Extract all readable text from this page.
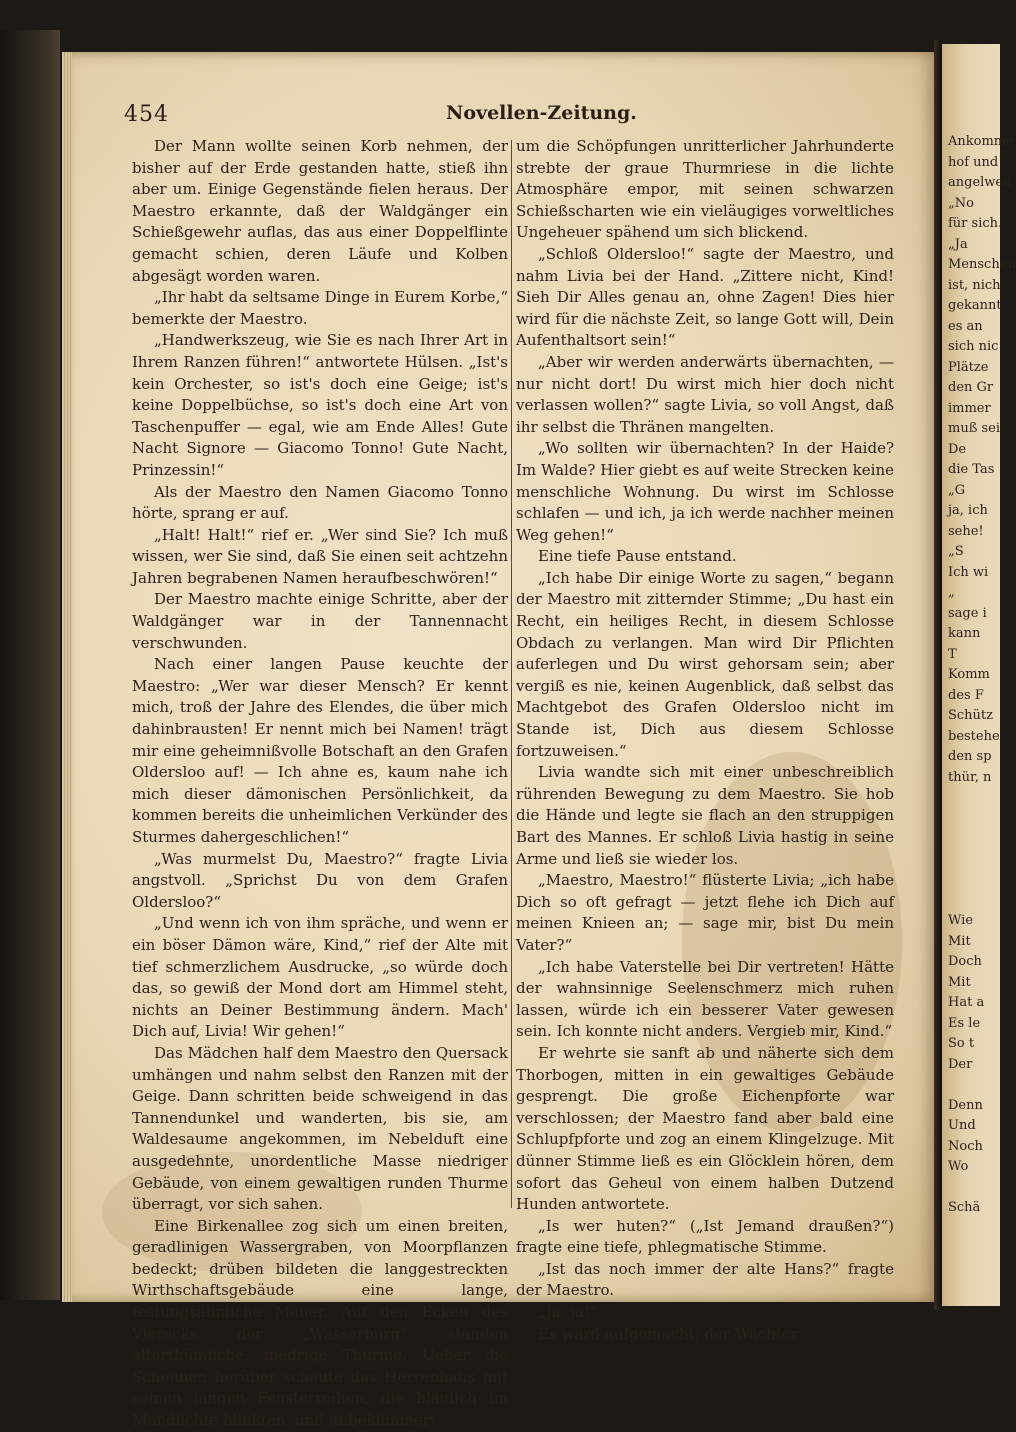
454	Novellen-Zeitung.

Der Mann wollte seinen Korb nehmen, der bisher auf der Erde gestanden hatte, stieß ihn aber um. Einige Gegenstände fielen heraus. Der Maestro erkannte, daß der Waldgänger ein Schießgewehr auflas, das aus einer Doppelflinte gemacht schien, deren Läufe und Kolben abgesägt worden waren.

„Ihr habt da seltsame Dinge in Eurem Korbe,“ bemerkte der Maestro.

„Handwerkszeug, wie Sie es nach Ihrer Art in Ihrem Ranzen führen!“ antwortete Hülsen. „Ist's kein Orchester, so ist's doch eine Geige; ist's keine Doppelbüchse, so ist's doch eine Art von Taschenpuffer — egal, wie am Ende Alles! Gute Nacht Signore — Giacomo Tonno! Gute Nacht, Prinzessin!“

Als der Maestro den Namen Giacomo Tonno hörte, sprang er auf.

„Halt! Halt!“ rief er. „Wer sind Sie? Ich muß wissen, wer Sie sind, daß Sie einen seit achtzehn Jahren begrabenen Namen heraufbeschwören!“

Der Maestro machte einige Schritte, aber der Waldgänger war in der Tannennacht verschwunden.

Nach einer langen Pause keuchte der Maestro: „Wer war dieser Mensch? Er kennt mich, troß der Jahre des Elendes, die über mich dahinbrausten! Er nennt mich bei Namen! trägt mir eine geheimnißvolle Botschaft an den Grafen Oldersloo auf! — Ich ahne es, kaum nahe ich mich dieser dämonischen Persönlichkeit, da kommen bereits die unheimlichen Verkünder des Sturmes dahergeschlichen!“

„Was murmelst Du, Maestro?“ fragte Livia angstvoll. „Sprichst Du von dem Grafen Oldersloo?“

„Und wenn ich von ihm spräche, und wenn er ein böser Dämon wäre, Kind,“ rief der Alte mit tief schmerzlichem Ausdrucke, „so würde doch das, so gewiß der Mond dort am Himmel steht, nichts an Deiner Bestimmung ändern. Mach' Dich auf, Livia! Wir gehen!“

Das Mädchen half dem Maestro den Quersack umhängen und nahm selbst den Ranzen mit der Geige. Dann schritten beide schweigend in das Tannendunkel und wanderten, bis sie, am Waldesaume angekommen, im Nebelduft eine ausgedehnte, unordentliche Masse niedriger Gebäude, von einem gewaltigen runden Thurme überragt, vor sich sahen.

Eine Birkenallee zog sich um einen breiten, geradlinigen Wassergraben, von Moorpflanzen bedeckt; drüben bildeten die langgestreckten Wirthschaftsgebäude eine lange, festungsähnliche Mauer. Auf den Ecken des Vierecks der „Wasserburg“ standen alterthümliche, niedrige Thürme. Ueber die Scheunen herüber schaute das Herrenhaus mit seinen langen Fensterreihen, die bläulich im Mondlichte blinkten, und unbekümmert

um die Schöpfungen unritterlicher Jahrhunderte strebte der graue Thurmriese in die lichte Atmosphäre empor, mit seinen schwarzen Schießscharten wie ein vieläugiges vorweltliches Ungeheuer spähend um sich blickend.

„Schloß Oldersloo!“ sagte der Maestro, und nahm Livia bei der Hand. „Zittere nicht, Kind! Sieh Dir Alles genau an, ohne Zagen! Dies hier wird für die nächste Zeit, so lange Gott will, Dein Aufenthaltsort sein!“

„Aber wir werden anderwärts übernachten, — nur nicht dort! Du wirst mich hier doch nicht verlassen wollen?“ sagte Livia, so voll Angst, daß ihr selbst die Thränen mangelten.

„Wo sollten wir übernachten? In der Haide? Im Walde? Hier giebt es auf weite Strecken keine menschliche Wohnung. Du wirst im Schlosse schlafen — und ich, ja ich werde nachher meinen Weg gehen!“

Eine tiefe Pause entstand.

„Ich habe Dir einige Worte zu sagen,“ begann der Maestro mit zitternder Stimme; „Du hast ein Recht, ein heiliges Recht, in diesem Schlosse Obdach zu verlangen. Man wird Dir Pflichten auferlegen und Du wirst gehorsam sein; aber vergiß es nie, keinen Augenblick, daß selbst das Machtgebot des Grafen Oldersloo nicht im Stande ist, Dich aus diesem Schlosse fortzuweisen.“

Livia wandte sich mit einer unbeschreiblich rührenden Bewegung zu dem Maestro. Sie hob die Hände und legte sie flach an den struppigen Bart des Mannes. Er schloß Livia hastig in seine Arme und ließ sie wieder los.

„Maestro, Maestro!“ flüsterte Livia; „ich habe Dich so oft gefragt — jetzt flehe ich Dich auf meinen Knieen an; — sage mir, bist Du mein Vater?“

„Ich habe Vaterstelle bei Dir vertreten! Hätte der wahnsinnige Seelenschmerz mich ruhen lassen, würde ich ein besserer Vater gewesen sein. Ich konnte nicht anders. Vergieb mir, Kind.“

Er wehrte sie sanft ab und näherte sich dem Thorbogen, mitten in ein gewaltiges Gebäude gesprengt. Die große Eichenpforte war verschlossen; der Maestro fand aber bald eine Schlupfpforte und zog an einem Klingelzuge. Mit dünner Stimme ließ es ein Glöcklein hören, dem sofort das Geheul von einem halben Dutzend Hunden antwortete.

„Is wer huten?“ („Ist Jemand draußen?“) fragte eine tiefe, phlegmatische Stimme.

„Ist das noch immer der alte Hans?“ fragte der Maestro.

„Ja, ja!“

Es ward aufgemacht; der Wächter

Ankomme
hof und
angelweit
„No
für sich.
„Ja
Menschen
ist, nich
gekannt
es an
sich nic
Plätze
den Gr
immer
muß sei
De
die Tas
„G
ja, ich
sehe!
„S
Ich wi
„
sage i
kann
T
Komm
des F
Schütz
bestehe
den sp
thür, n
Wie
Mit
Doch
Mit
Hat a
Es le
So t
Der
Denn
Und
Noch
Wo
Schä
